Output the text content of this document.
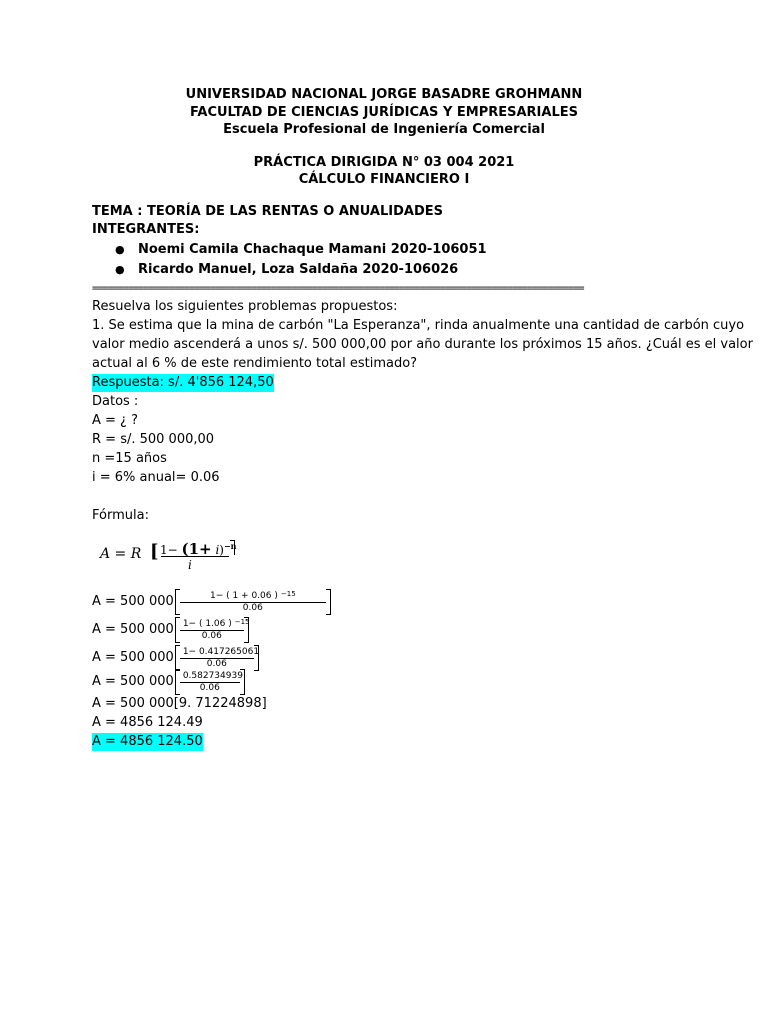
UNIVERSIDAD NACIONAL JORGE BASADRE GROHMANN
FACULTAD DE CIENCIAS JURÍDICAS Y EMPRESARIALES
Escuela Profesional de Ingeniería Comercial
PRÁCTICA DIRIGIDA N° 03 004 2021
CÁLCULO FINANCIERO I
TEMA : TEORÍA DE LAS RENTAS O ANUALIDADES
INTEGRANTES:
● Noemi Camila Chachaque Mamani 2020-106051
● Ricardo Manuel, Loza Saldaña 2020-106026
================================================================================================
Resuelva los siguientes problemas propuestos:
1. Se estima que la mina de carbón "La Esperanza", rinda anualmente una cantidad de carbón cuyo
valor medio ascenderá a unos s/. 500 000,00 por año durante los próximos 15 años. ¿Cuál es el valor
actual al 6 % de este rendimiento total estimado?
Respuesta: s/. 4'856 124,50
Datos :
A = ¿ ?
R = s/. 500 000,00
n =15 años
i = 6% anual= 0.06
Fórmula:
A = R [ $1- (1+ i)^{-n}$
i
A = 500 $000 \frac{1- ( 1 + 0.06 ) ^{-15}}{0.06}$
A = 500 $000 \frac{1- ( 1.06 ) ^{-15}}{0.06}$
A = 500 $000 \frac{1- 0.417265061}{0.06}$
A = 500 $000 \frac{0.582734939}{0.06}$
A = 500 000[9. 71224898]
A = 4856 124.49
A = 4856 124.50
